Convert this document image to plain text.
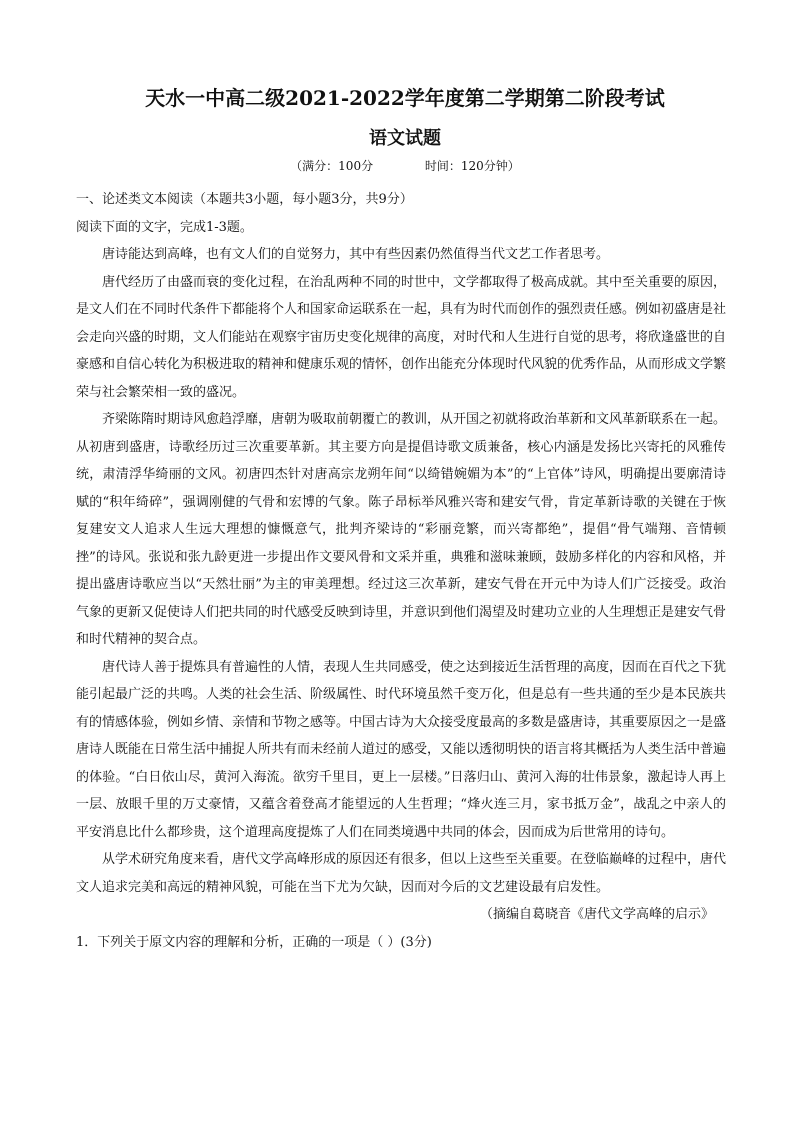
天水一中高二级2021-2022学年度第二学期第二阶段考试
语文试题
（满分：100分	时间：120分钟）

一、论述类文本阅读（本题共3小题，每小题3分，共9分）

阅读下面的文字，完成1-3题。

唐诗能达到高峰，也有文人们的自觉努力，其中有些因素仍然值得当代文艺工作者思考。

唐代经历了由盛而衰的变化过程，在治乱两种不同的时世中，文学都取得了极高成就。其中至关重要的原因，是文人们在不同时代条件下都能将个人和国家命运联系在一起，具有为时代而创作的强烈责任感。例如初盛唐是社会走向兴盛的时期，文人们能站在观察宇宙历史变化规律的高度，对时代和人生进行自觉的思考，将欣逢盛世的自豪感和自信心转化为积极进取的精神和健康乐观的情怀，创作出能充分体现时代风貌的优秀作品，从而形成文学繁荣与社会繁荣相一致的盛况。

齐梁陈隋时期诗风愈趋浮靡，唐朝为吸取前朝覆亡的教训，从开国之初就将政治革新和文风革新联系在一起。从初唐到盛唐，诗歌经历过三次重要革新。其主要方向是提倡诗歌文质兼备，核心内涵是发扬比兴寄托的风雅传统，肃清浮华绮丽的文风。初唐四杰针对唐高宗龙朔年间“以绮错婉媚为本”的“上官体”诗风，明确提出要廓清诗赋的“积年绮碎”，强调刚健的气骨和宏博的气象。陈子昂标举风雅兴寄和建安气骨，肯定革新诗歌的关键在于恢复建安文人追求人生远大理想的慷慨意气，批判齐梁诗的“彩丽竞繁，而兴寄都绝”，提倡“骨气端翔、音情顿挫”的诗风。张说和张九龄更进一步提出作文要风骨和文采并重，典雅和滋味兼顾，鼓励多样化的内容和风格，并提出盛唐诗歌应当以“天然壮丽”为主的审美理想。经过这三次革新，建安气骨在开元中为诗人们广泛接受。政治气象的更新又促使诗人们把共同的时代感受反映到诗里，并意识到他们渴望及时建功立业的人生理想正是建安气骨和时代精神的契合点。

唐代诗人善于提炼具有普遍性的人情，表现人生共同感受，使之达到接近生活哲理的高度，因而在百代之下犹能引起最广泛的共鸣。人类的社会生活、阶级属性、时代环境虽然千变万化，但是总有一些共通的至少是本民族共有的情感体验，例如乡情、亲情和节物之感等。中国古诗为大众接受度最高的多数是盛唐诗，其重要原因之一是盛唐诗人既能在日常生活中捕捉人所共有而未经前人道过的感受，又能以透彻明快的语言将其概括为人类生活中普遍的体验。“白日依山尽，黄河入海流。欲穷千里目，更上一层楼。”日落归山、黄河入海的壮伟景象，激起诗人再上一层、放眼千里的万丈豪情，又蕴含着登高才能望远的人生哲理；“烽火连三月，家书抵万金”，战乱之中亲人的平安消息比什么都珍贵，这个道理高度提炼了人们在同类境遇中共同的体会，因而成为后世常用的诗句。

从学术研究角度来看，唐代文学高峰形成的原因还有很多，但以上这些至关重要。在登临巅峰的过程中，唐代文人追求完美和高远的精神风貌，可能在当下尤为欠缺，因而对今后的文艺建设最有启发性。

（摘编自葛晓音《唐代文学高峰的启示》

1．下列关于原文内容的理解和分析，正确的一项是（ ）(3分)
